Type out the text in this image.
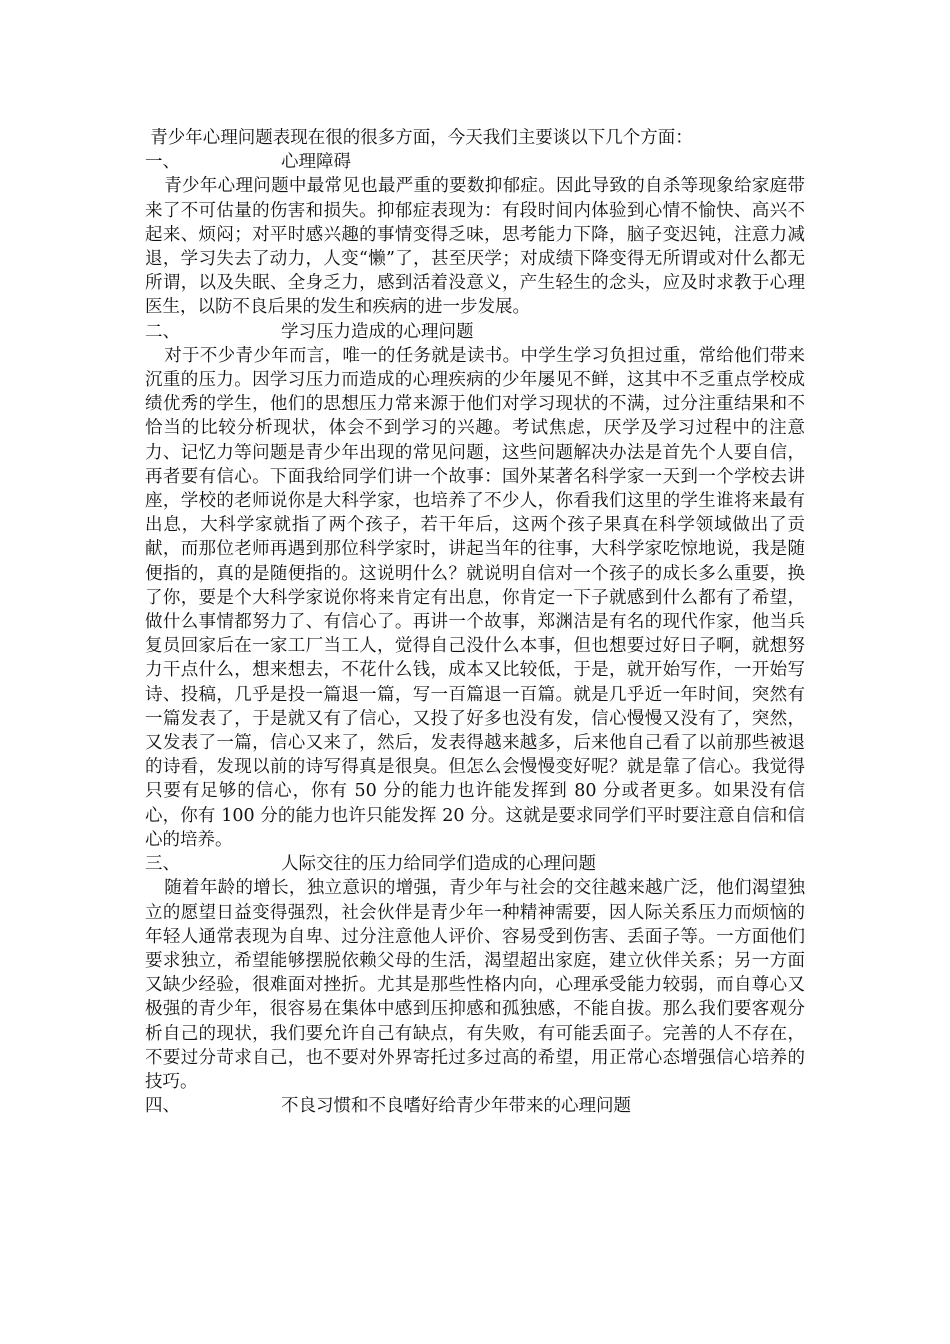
青少年心理问题表现在很的很多方面，今天我们主要谈以下几个方面：

一、	心理障碍

青少年心理问题中最常见也最严重的要数抑郁症。因此导致的自杀等现象给家庭带来了不可估量的伤害和损失。抑郁症表现为：有段时间内体验到心情不愉快、高兴不起来、烦闷；对平时感兴趣的事情变得乏味，思考能力下降，脑子变迟钝，注意力减退，学习失去了动力，人变“懒”了，甚至厌学；对成绩下降变得无所谓或对什么都无所谓，以及失眠、全身乏力，感到活着没意义，产生轻生的念头，应及时求教于心理医生，以防不良后果的发生和疾病的进一步发展。

二、	学习压力造成的心理问题

对于不少青少年而言，唯一的任务就是读书。中学生学习负担过重，常给他们带来沉重的压力。因学习压力而造成的心理疾病的少年屡见不鲜，这其中不乏重点学校成绩优秀的学生，他们的思想压力常来源于他们对学习现状的不满，过分注重结果和不恰当的比较分析现状，体会不到学习的兴趣。考试焦虑，厌学及学习过程中的注意力、记忆力等问题是青少年出现的常见问题，这些问题解决办法是首先个人要自信，再者要有信心。下面我给同学们讲一个故事：国外某著名科学家一天到一个学校去讲座，学校的老师说你是大科学家，也培养了不少人，你看我们这里的学生谁将来最有出息，大科学家就指了两个孩子，若干年后，这两个孩子果真在科学领域做出了贡献，而那位老师再遇到那位科学家时，讲起当年的往事，大科学家吃惊地说，我是随便指的，真的是随便指的。这说明什么？就说明自信对一个孩子的成长多么重要，换了你，要是个大科学家说你将来肯定有出息，你肯定一下子就感到什么都有了希望，做什么事情都努力了、有信心了。再讲一个故事，郑渊洁是有名的现代作家，他当兵复员回家后在一家工厂当工人，觉得自己没什么本事，但也想要过好日子啊，就想努力干点什么，想来想去，不花什么钱，成本又比较低，于是，就开始写作，一开始写诗、投稿，几乎是投一篇退一篇，写一百篇退一百篇。就是几乎近一年时间，突然有一篇发表了，于是就又有了信心，又投了好多也没有发，信心慢慢又没有了，突然，又发表了一篇，信心又来了，然后，发表得越来越多，后来他自己看了以前那些被退的诗看，发现以前的诗写得真是很臭。但怎么会慢慢变好呢？就是靠了信心。我觉得只要有足够的信心，你有 50 分的能力也许能发挥到 80 分或者更多。如果没有信心，你有 100 分的能力也许只能发挥 20 分。这就是要求同学们平时要注意自信和信心的培养。

三、	人际交往的压力给同学们造成的心理问题

随着年龄的增长，独立意识的增强，青少年与社会的交往越来越广泛，他们渴望独立的愿望日益变得强烈，社会伙伴是青少年一种精神需要，因人际关系压力而烦恼的年轻人通常表现为自卑、过分注意他人评价、容易受到伤害、丢面子等。一方面他们要求独立，希望能够摆脱依赖父母的生活，渴望超出家庭，建立伙伴关系；另一方面又缺少经验，很难面对挫折。尤其是那些性格内向，心理承受能力较弱，而自尊心又极强的青少年，很容易在集体中感到压抑感和孤独感，不能自拔。那么我们要客观分析自己的现状，我们要允许自己有缺点，有失败，有可能丢面子。完善的人不存在，不要过分苛求自己，也不要对外界寄托过多过高的希望，用正常心态增强信心培养的技巧。

四、	不良习惯和不良嗜好给青少年带来的心理问题
